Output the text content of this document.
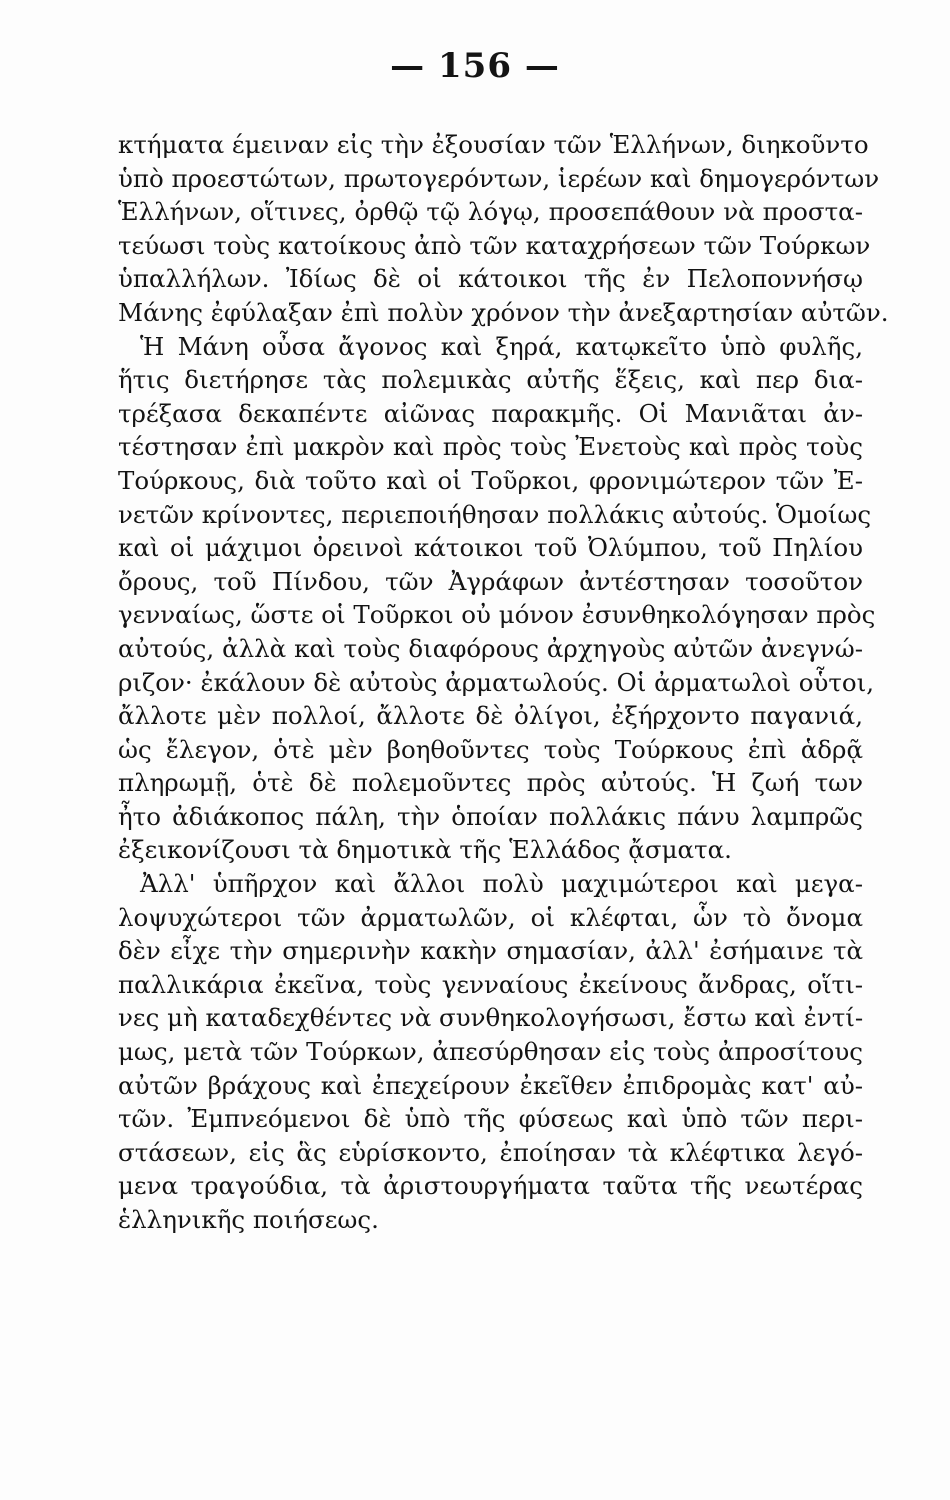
— 156 —
κτήματα έμειναν εἰς τὴν ἐξουσίαν τῶν Ἑλλήνων, διηκοῦντο
ὑπὸ προεστώτων, πρωτογερόντων, ἱερέων καὶ δημογερόντων
Ἑλλήνων, οἵτινες, ὀρθῷ τῷ λόγῳ, προσεπάθουν νὰ προστα-
τεύωσι τοὺς κατοίκους ἀπὸ τῶν καταχρήσεων τῶν Τούρκων
ὑπαλλήλων. Ἰδίως δὲ οἱ κάτοικοι τῆς ἐν Πελοποννήσῳ
Μάνης ἐφύλαξαν ἐπὶ πολὺν χρόνον τὴν ἀνεξαρτησίαν αὐτῶν.
Ἡ Μάνη οὖσα ἄγονος καὶ ξηρά, κατῳκεῖτο ὑπὸ φυλῆς,
ἥτις διετήρησε τὰς πολεμικὰς αὐτῆς ἕξεις, καὶ περ δια-
τρέξασα δεκαπέντε αἰῶνας παρακμῆς. Οἱ Μανιᾶται ἀν-
τέστησαν ἐπὶ μακρὸν καὶ πρὸς τοὺς Ἐνετοὺς καὶ πρὸς τοὺς
Τούρκους, διὰ τοῦτο καὶ οἱ Τοῦρκοι, φρονιμώτερον τῶν Ἐ-
νετῶν κρίνοντες, περιεποιήθησαν πολλάκις αὐτούς. Ὁμοίως
καὶ οἱ μάχιμοι ὀρεινοὶ κάτοικοι τοῦ Ὀλύμπου, τοῦ Πηλίου
ὄρους, τοῦ Πίνδου, τῶν Ἀγράφων ἀντέστησαν τοσοῦτον
γενναίως, ὥστε οἱ Τοῦρκοι οὐ μόνον ἐσυνθηκολόγησαν πρὸς
αὐτούς, ἀλλὰ καὶ τοὺς διαφόρους ἀρχηγοὺς αὐτῶν ἀνεγνώ-
ριζον· ἐκάλουν δὲ αὐτοὺς ἀρματωλούς. Οἱ ἀρματωλοὶ οὗτοι,
ἄλλοτε μὲν πολλοί, ἄλλοτε δὲ ὀλίγοι, ἐξήρχοντο παγανιά,
ὡς ἔλεγον, ὁτὲ μὲν βοηθοῦντες τοὺς Τούρκους ἐπὶ ἁδρᾷ
πληρωμῇ, ὁτὲ δὲ πολεμοῦντες πρὸς αὐτούς. Ἡ ζωή των
ἦτο ἀδιάκοπος πάλη, τὴν ὁποίαν πολλάκις πάνυ λαμπρῶς
ἐξεικονίζουσι τὰ δημοτικὰ τῆς Ἑλλάδος ᾄσματα.
Ἀλλ' ὑπῆρχον καὶ ἄλλοι πολὺ μαχιμώτεροι καὶ μεγα-
λοψυχώτεροι τῶν ἀρματωλῶν, οἱ κλέφται, ὧν τὸ ὄνομα
δὲν εἶχε τὴν σημερινὴν κακὴν σημασίαν, ἀλλ' ἐσήμαινε τὰ
παλλικάρια ἐκεῖνα, τοὺς γενναίους ἐκείνους ἄνδρας, οἵτι-
νες μὴ καταδεχθέντες νὰ συνθηκολογήσωσι, ἔστω καὶ ἐντί-
μως, μετὰ τῶν Τούρκων, ἀπεσύρθησαν εἰς τοὺς ἀπροσίτους
αὐτῶν βράχους καὶ ἐπεχείρουν ἐκεῖθεν ἐπιδρομὰς κατ' αὐ-
τῶν. Ἐμπνεόμενοι δὲ ὑπὸ τῆς φύσεως καὶ ὑπὸ τῶν περι-
στάσεων, εἰς ἃς εὑρίσκοντο, ἐποίησαν τὰ κλέφτικα λεγό-
μενα τραγούδια, τὰ ἀριστουργήματα ταῦτα τῆς νεωτέρας
ἑλληνικῆς ποιήσεως.
